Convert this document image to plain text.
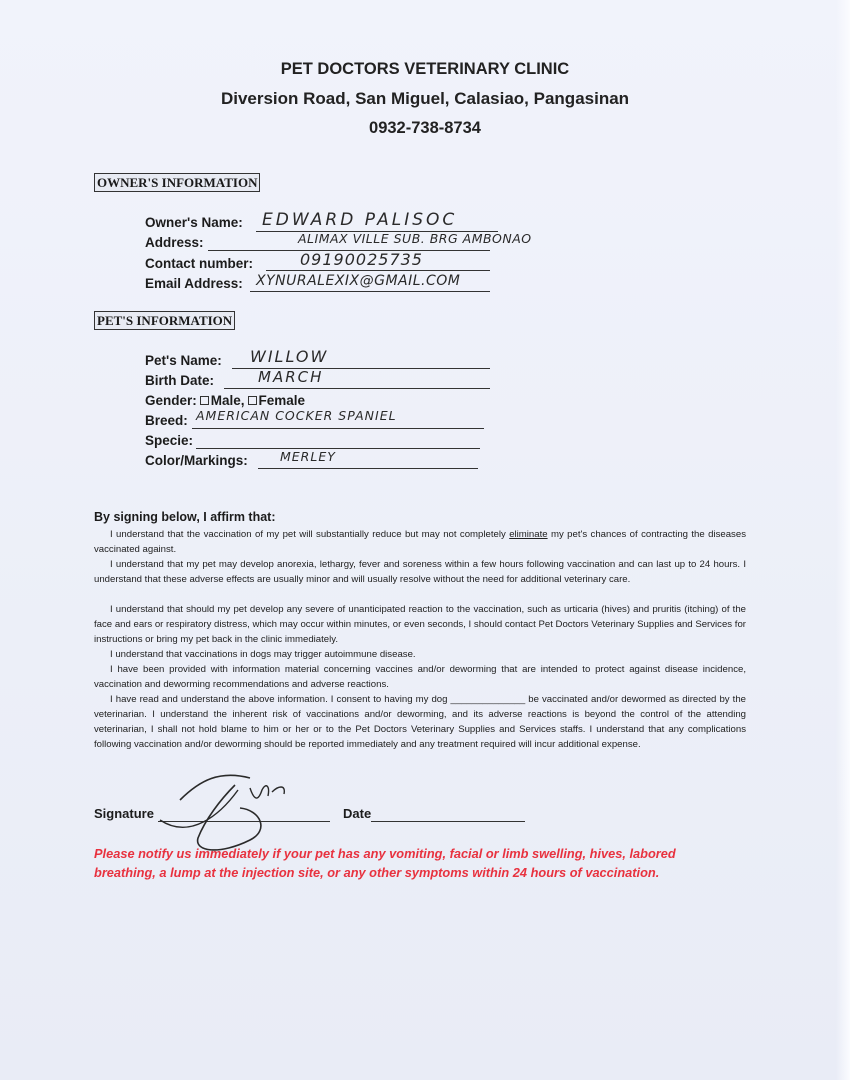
PET DOCTORS VETERINARY CLINIC
Diversion Road, San Miguel, Calasiao, Pangasinan
0932-738-8734
OWNER'S INFORMATION
Owner's Name: EDWARD PALISOC
Address:	ALIMAX VILLE SUB. BRG AMBONAO
Contact number:	09190025735
Email Address: XYNURALEXIX@GMAIL.COM
PET'S INFORMATION
Pet's Name: WILLOW
Birth Date:	MARCH
Gender: Male, Female
Breed: AMERICAN COCKER SPANIEL
Specie:
Color/Markings:	MERLEY
By signing below, I affirm that:
I understand that the vaccination of my pet will substantially reduce but may not completely eliminate my pet's chances of contracting the diseases vaccinated against.
I understand that my pet may develop anorexia, lethargy, fever and soreness within a few hours following vaccination and can last up to 24 hours. I understand that these adverse effects are usually minor and will usually resolve without the need for additional veterinary care.
I understand that should my pet develop any severe of unanticipated reaction to the vaccination, such as urticaria (hives) and pruritis (itching) of the face and ears or respiratory distress, which may occur within minutes, or even seconds, I should contact Pet Doctors Veterinary Supplies and Services for instructions or bring my pet back in the clinic immediately.
I understand that vaccinations in dogs may trigger autoimmune disease.
I have been provided with information material concerning vaccines and/or deworming that are intended to protect against disease incidence, vaccination and deworming recommendations and adverse reactions.
I have read and understand the above information. I consent to having my dog ______________ be vaccinated and/or dewormed as directed by the veterinarian. I understand the inherent risk of vaccinations and/or deworming, and its adverse reactions is beyond the control of the attending veterinarian, I shall not hold blame to him or her or to the Pet Doctors Veterinary Supplies and Services staffs. I understand that any complications following vaccination and/or deworming should be reported immediately and any treatment required will incur additional expense.
Signature	Date
Please notify us immediately if your pet has any vomiting, facial or limb swelling, hives, labored breathing, a lump at the injection site, or any other symptoms within 24 hours of vaccination.
